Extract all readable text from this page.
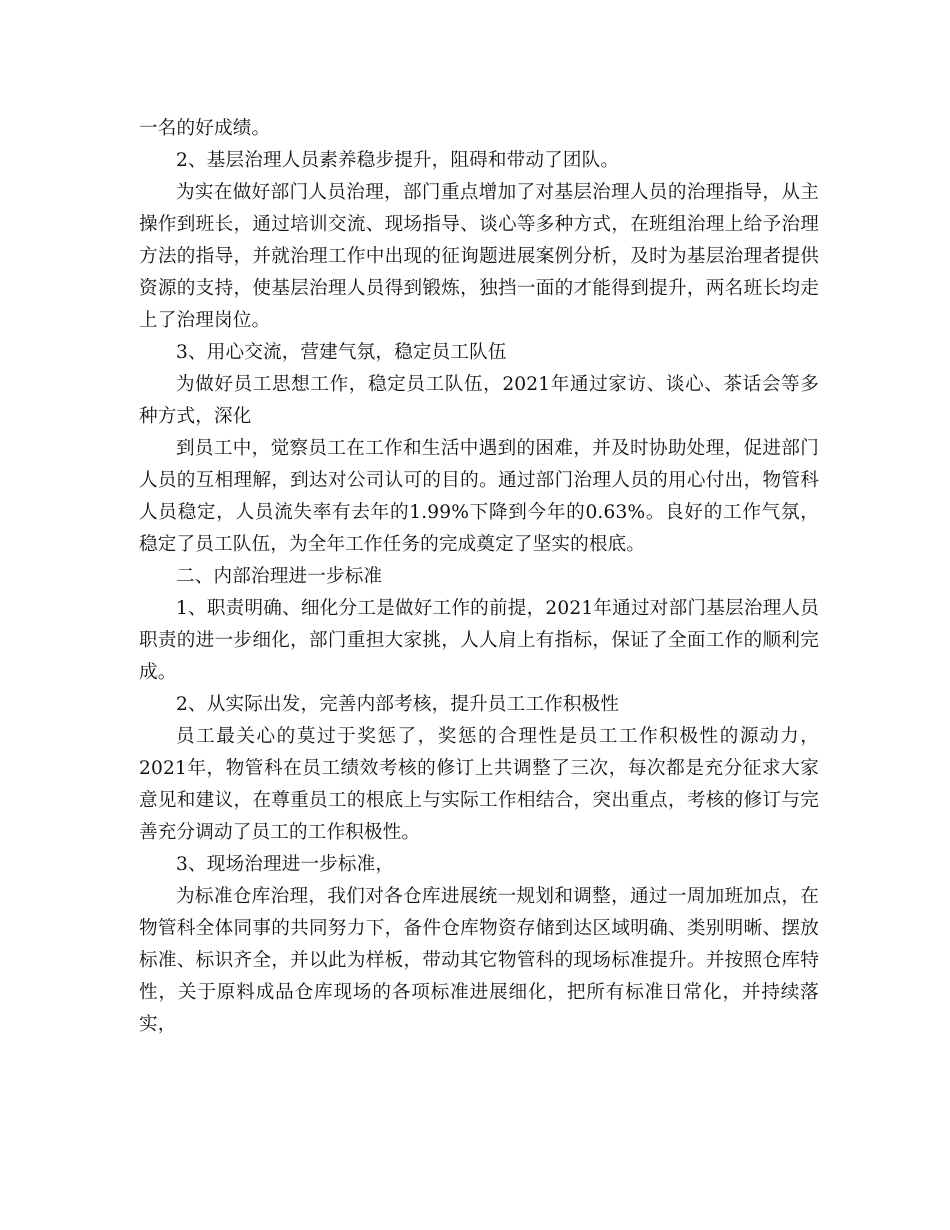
一名的好成绩。

2、基层治理人员素养稳步提升，阻碍和带动了团队。

为实在做好部门人员治理，部门重点增加了对基层治理人员的治理指导，从主操作到班长，通过培训交流、现场指导、谈心等多种方式，在班组治理上给予治理方法的指导，并就治理工作中出现的征询题进展案例分析，及时为基层治理者提供资源的支持，使基层治理人员得到锻炼，独挡一面的才能得到提升，两名班长均走上了治理岗位。

3、用心交流，营建气氛，稳定员工队伍

为做好员工思想工作，稳定员工队伍，2021年通过家访、谈心、茶话会等多种方式，深化

到员工中，觉察员工在工作和生活中遇到的困难，并及时协助处理，促进部门人员的互相理解，到达对公司认可的目的。通过部门治理人员的用心付出，物管科人员稳定，人员流失率有去年的1.99%下降到今年的0.63%。良好的工作气氛，稳定了员工队伍，为全年工作任务的完成奠定了坚实的根底。

二、内部治理进一步标准

1、职责明确、细化分工是做好工作的前提，2021年通过对部门基层治理人员职责的进一步细化，部门重担大家挑，人人肩上有指标，保证了全面工作的顺利完成。

2、从实际出发，完善内部考核，提升员工工作积极性

员工最关心的莫过于奖惩了，奖惩的合理性是员工工作积极性的源动力，2021年，物管科在员工绩效考核的修订上共调整了三次，每次都是充分征求大家意见和建议，在尊重员工的根底上与实际工作相结合，突出重点，考核的修订与完善充分调动了员工的工作积极性。

3、现场治理进一步标准，

为标准仓库治理，我们对各仓库进展统一规划和调整，通过一周加班加点，在物管科全体同事的共同努力下，备件仓库物资存储到达区域明确、类别明晰、摆放标准、标识齐全，并以此为样板，带动其它物管科的现场标准提升。并按照仓库特性，关于原料成品仓库现场的各项标准进展细化，把所有标准日常化，并持续落实，
